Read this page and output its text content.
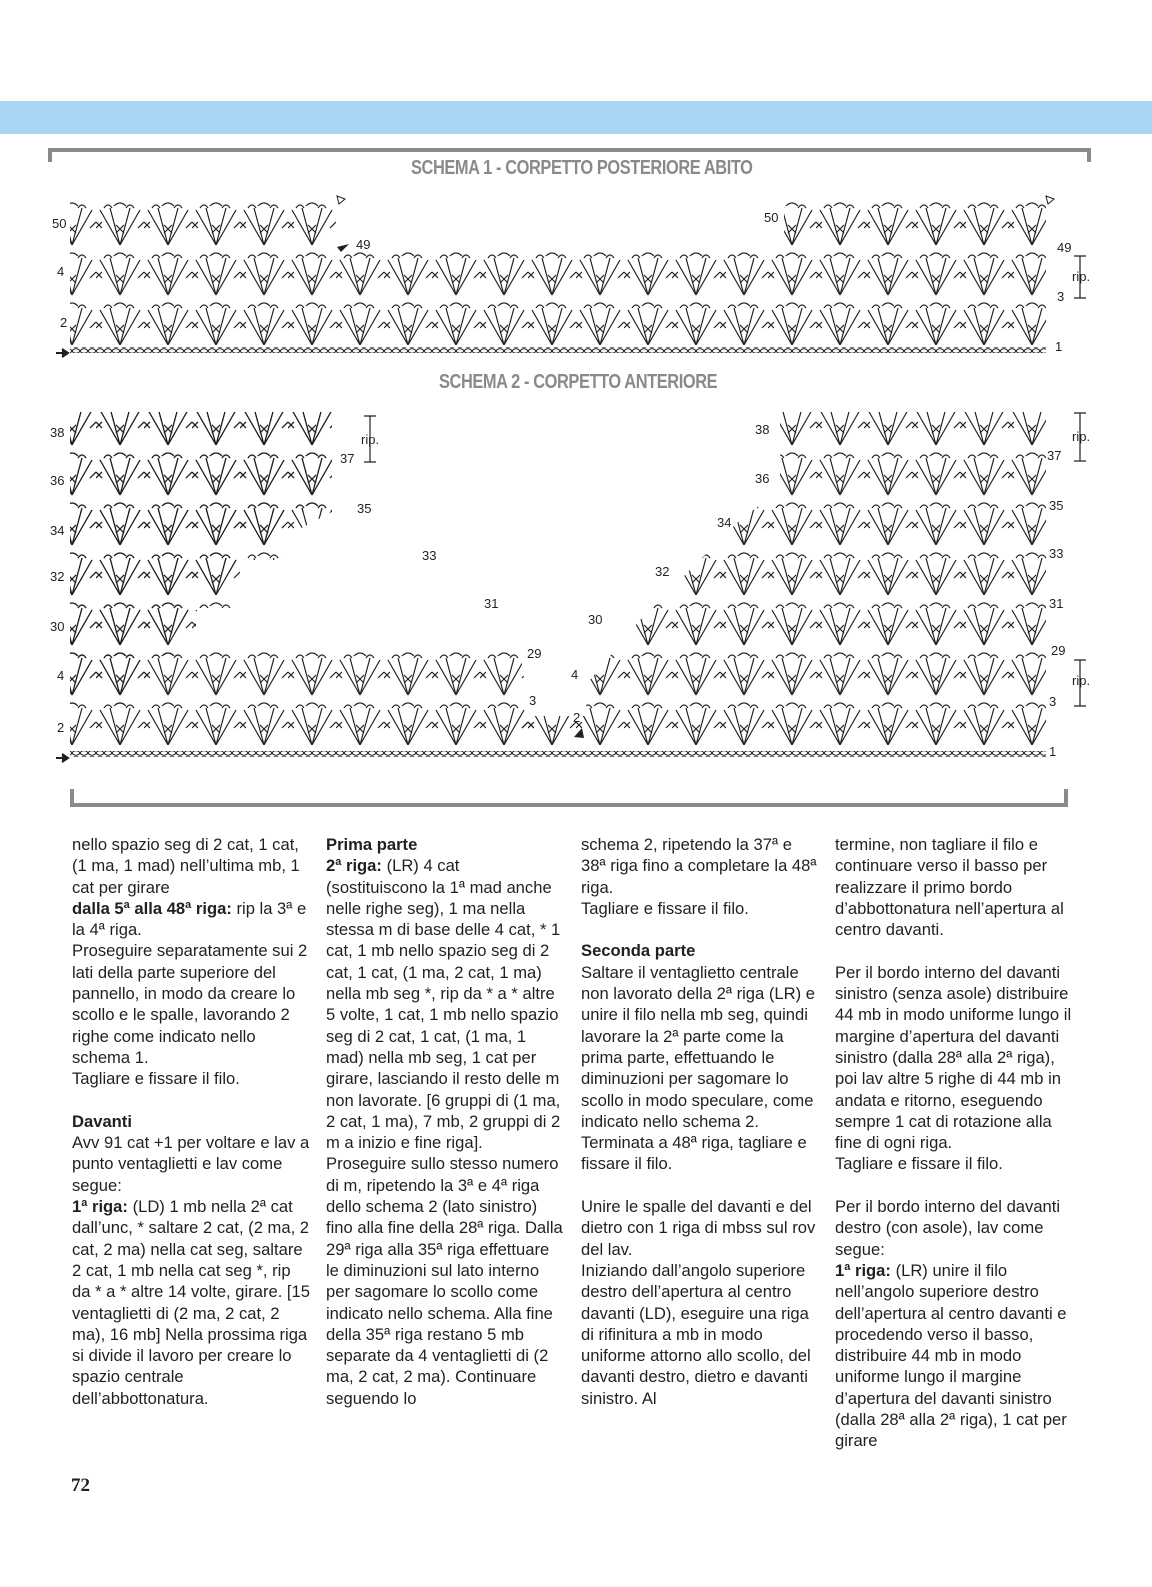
SCHEMA 1 - CORPETTO POSTERIORE ABITO
SCHEMA 2 - CORPETTO ANTERIORE
50
4
2
49
50
49
3
1
rip.
38
36
34
32
30
4
2
rip.
37
35
33
31
29
3
38
36
34
32
30
4
2
rip.
37
35
33
31
29
rip.
3
1

nello spazio seg di 2 cat, 1 cat, (1 ma, 1 mad) nell’ultima mb, 1 cat per girare

dalla 5ª alla 48ª riga: rip la 3ª e la 4ª riga.

Proseguire separatamente sui 2 lati della parte superiore del pannello, in modo da creare lo scollo e le spalle, lavorando 2 righe come indicato nello schema 1.

Tagliare e fissare il filo.

Davanti

Avv 91 cat +1 per voltare e lav a punto ventaglietti e lav come segue:

1ª riga: (LD) 1 mb nella 2ª cat dall’unc, * saltare 2 cat, (2 ma, 2 cat, 2 ma) nella cat seg, saltare 2 cat, 1 mb nella cat seg *, rip da * a * altre 14 volte, girare. [15 ventaglietti di (2 ma, 2 cat, 2 ma), 16 mb] Nella prossima riga si divide il lavoro per creare lo spazio centrale dell’abbottonatura.

Prima parte

2ª riga: (LR) 4 cat (sostituiscono la 1ª mad anche nelle righe seg), 1 ma nella stessa m di base delle 4 cat, * 1 cat, 1 mb nello spazio seg di 2 cat, 1 cat, (1 ma, 2 cat, 1 ma) nella mb seg *, rip da * a * altre 5 volte, 1 cat, 1 mb nello spazio seg di 2 cat, 1 cat, (1 ma, 1 mad) nella mb seg, 1 cat per girare, lasciando il resto delle m non lavorate. [6 gruppi di (1 ma, 2 cat, 1 ma), 7 mb, 2 gruppi di 2 m a inizio e fine riga].

Proseguire sullo stesso numero di m, ripetendo la 3ª e 4ª riga dello schema 2 (lato sinistro) fino alla fine della 28ª riga. Dalla 29ª riga alla 35ª riga effettuare le diminuzioni sul lato interno per sagomare lo scollo come indicato nello schema. Alla fine della 35ª riga restano 5 mb separate da 4 ventaglietti di (2 ma, 2 cat, 2 ma). Continuare seguendo lo

schema 2, ripetendo la 37ª e 38ª riga fino a completare la 48ª riga.

Tagliare e fissare il filo.

Seconda parte

Saltare il ventaglietto centrale non lavorato della 2ª riga (LR) e unire il filo nella mb seg, quindi lavorare la 2ª parte come la prima parte, effettuando le diminuzioni per sagomare lo scollo in modo speculare, come indicato nello schema 2. Terminata a 48ª riga, tagliare e fissare il filo.

Unire le spalle del davanti e del dietro con 1 riga di mbss sul rov del lav.

Iniziando dall’angolo superiore destro dell’apertura al centro davanti (LD), eseguire una riga di rifinitura a mb in modo uniforme attorno allo scollo, del davanti destro, dietro e davanti sinistro. Al

termine, non tagliare il filo e continuare verso il basso per realizzare il primo bordo d’abbottonatura nell’apertura al centro davanti.

Per il bordo interno del davanti sinistro (senza asole) distribuire 44 mb in modo uniforme lungo il margine d’apertura del davanti sinistro (dalla 28ª alla 2ª riga), poi lav altre 5 righe di 44 mb in andata e ritorno, eseguendo sempre 1 cat di rotazione alla fine di ogni riga.

Tagliare e fissare il filo.

Per il bordo interno del davanti destro (con asole), lav come segue:

1ª riga: (LR) unire il filo nell’angolo superiore destro dell’apertura al centro davanti e procedendo verso il basso, distribuire 44 mb in modo uniforme lungo il margine d’apertura del davanti sinistro (dalla 28ª alla 2ª riga), 1 cat per girare

72
